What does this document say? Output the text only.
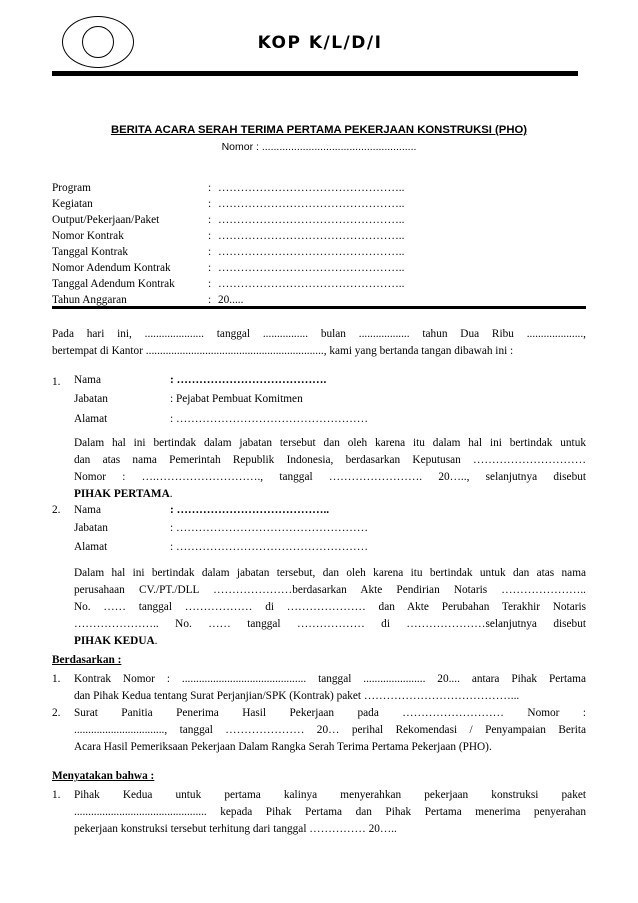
KOP K/L/D/I
BERITA ACARA SERAH TERIMA PERTAMA PEKERJAAN KONSTRUKSI (PHO)
Nomor : .....................................................
Program	: …………………………………………..
Kegiatan	: …………………………………………..
Output/Pekerjaan/Paket	: …………………………………………..
Nomor Kontrak	: …………………………………………..
Tanggal Kontrak	: …………………………………………..
Nomor Adendum Kontrak	: …………………………………………..
Tanggal Adendum Kontrak	: …………………………………………..
Tahun Anggaran	: 20.....
Pada hari ini, ..................... tanggal ................ bulan .................. tahun Dua Ribu ....................,
bertempat di Kantor ..............................................................., kami yang bertanda tangan dibawah ini :
1. Nama	: ………………………………….
Jabatan	: Pejabat Pembuat Komitmen
Alamat	: ……………………………………………
Dalam hal ini bertindak dalam jabatan tersebut dan oleh karena itu dalam hal ini bertindak untuk
dan atas nama Pemerintah Republik Indonesia, berdasarkan Keputusan …………………………
Nomor : ….………………………., tanggal ……………………. 20….., selanjutnya disebut
PIHAK PERTAMA.
2. Nama	: …………………………………..
Jabatan	: ……………………………………………
Alamat	: ……………………………………………
Dalam hal ini bertindak dalam jabatan tersebut, dan oleh karena itu bertindak untuk dan atas nama
perusahaan CV./PT./DLL …………………berdasarkan Akte Pendirian Notaris …………………..
No. …… tanggal ……………… di ………………… dan Akte Perubahan Terakhir Notaris
………………….. No. …… tanggal ……………… di …………………selanjutnya disebut
PIHAK KEDUA.
Berdasarkan :
1. Kontrak Nomor : ............................................ tanggal ...................... 20.... antara Pihak Pertama
dan Pihak Kedua tentang Surat Perjanjian/SPK (Kontrak) paket …………………………………...
2. Surat Panitia Penerima Hasil Pekerjaan pada ……………………… Nomor :
................................, tanggal ………………… 20… perihal Rekomendasi / Penyampaian Berita
Acara Hasil Pemeriksaan Pekerjaan Dalam Rangka Serah Terima Pertama Pekerjaan (PHO).
Menyatakan bahwa :
1. Pihak Kedua untuk pertama kalinya menyerahkan pekerjaan konstruksi paket
............................................... kepada Pihak Pertama dan Pihak Pertama menerima penyerahan
pekerjaan konstruksi tersebut terhitung dari tanggal …………… 20…..
